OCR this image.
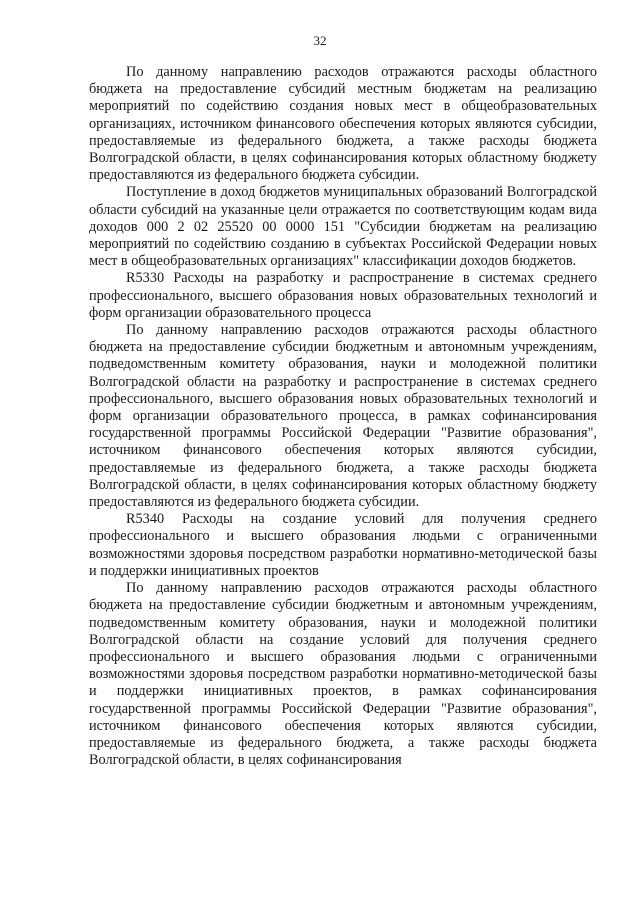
32

По данному направлению расходов отражаются расходы областного бюджета на предоставление субсидий местным бюджетам на реализацию мероприятий по содействию создания новых мест в общеобразовательных организациях, источником финансового обеспечения которых являются субсидии, предоставляемые из федерального бюджета, а также расходы бюджета Волгоградской области, в целях софинансирования которых областному бюджету предоставляются из федерального бюджета субсидии.

Поступление в доход бюджетов муниципальных образований Волгоградской области субсидий на указанные цели отражается по соответствующим кодам вида доходов 000 2 02 25520 00 0000 151 "Субсидии бюджетам на реализацию мероприятий по содействию созданию в субъектах Российской Федерации новых мест в общеобразовательных организациях" классификации доходов бюджетов.

R5330 Расходы на разработку и распространение в системах среднего профессионального, высшего образования новых образовательных технологий и форм организации образовательного процесса

По данному направлению расходов отражаются расходы областного бюджета на предоставление субсидии бюджетным и автономным учреждениям, подведомственным комитету образования, науки и молодежной политики Волгоградской области на разработку и распространение в системах среднего профессионального, высшего образования новых образовательных технологий и форм организации образовательного процесса, в рамках софинансирования государственной программы Российской Федерации "Развитие образования", источником финансового обеспечения которых являются субсидии, предоставляемые из федерального бюджета, а также расходы бюджета Волгоградской области, в целях софинансирования которых областному бюджету предоставляются из федерального бюджета субсидии.

R5340 Расходы на создание условий для получения среднего профессионального и высшего образования людьми с ограниченными возможностями здоровья посредством разработки нормативно-методической базы и поддержки инициативных проектов

По данному направлению расходов отражаются расходы областного бюджета на предоставление субсидии бюджетным и автономным учреждениям, подведомственным комитету образования, науки и молодежной политики Волгоградской области на создание условий для получения среднего профессионального и высшего образования людьми с ограниченными возможностями здоровья посредством разработки нормативно-методической базы и поддержки инициативных проектов, в рамках софинансирования государственной программы Российской Федерации "Развитие образования", источником финансового обеспечения которых являются субсидии, предоставляемые из федерального бюджета, а также расходы бюджета Волгоградской области, в целях софинансирования
